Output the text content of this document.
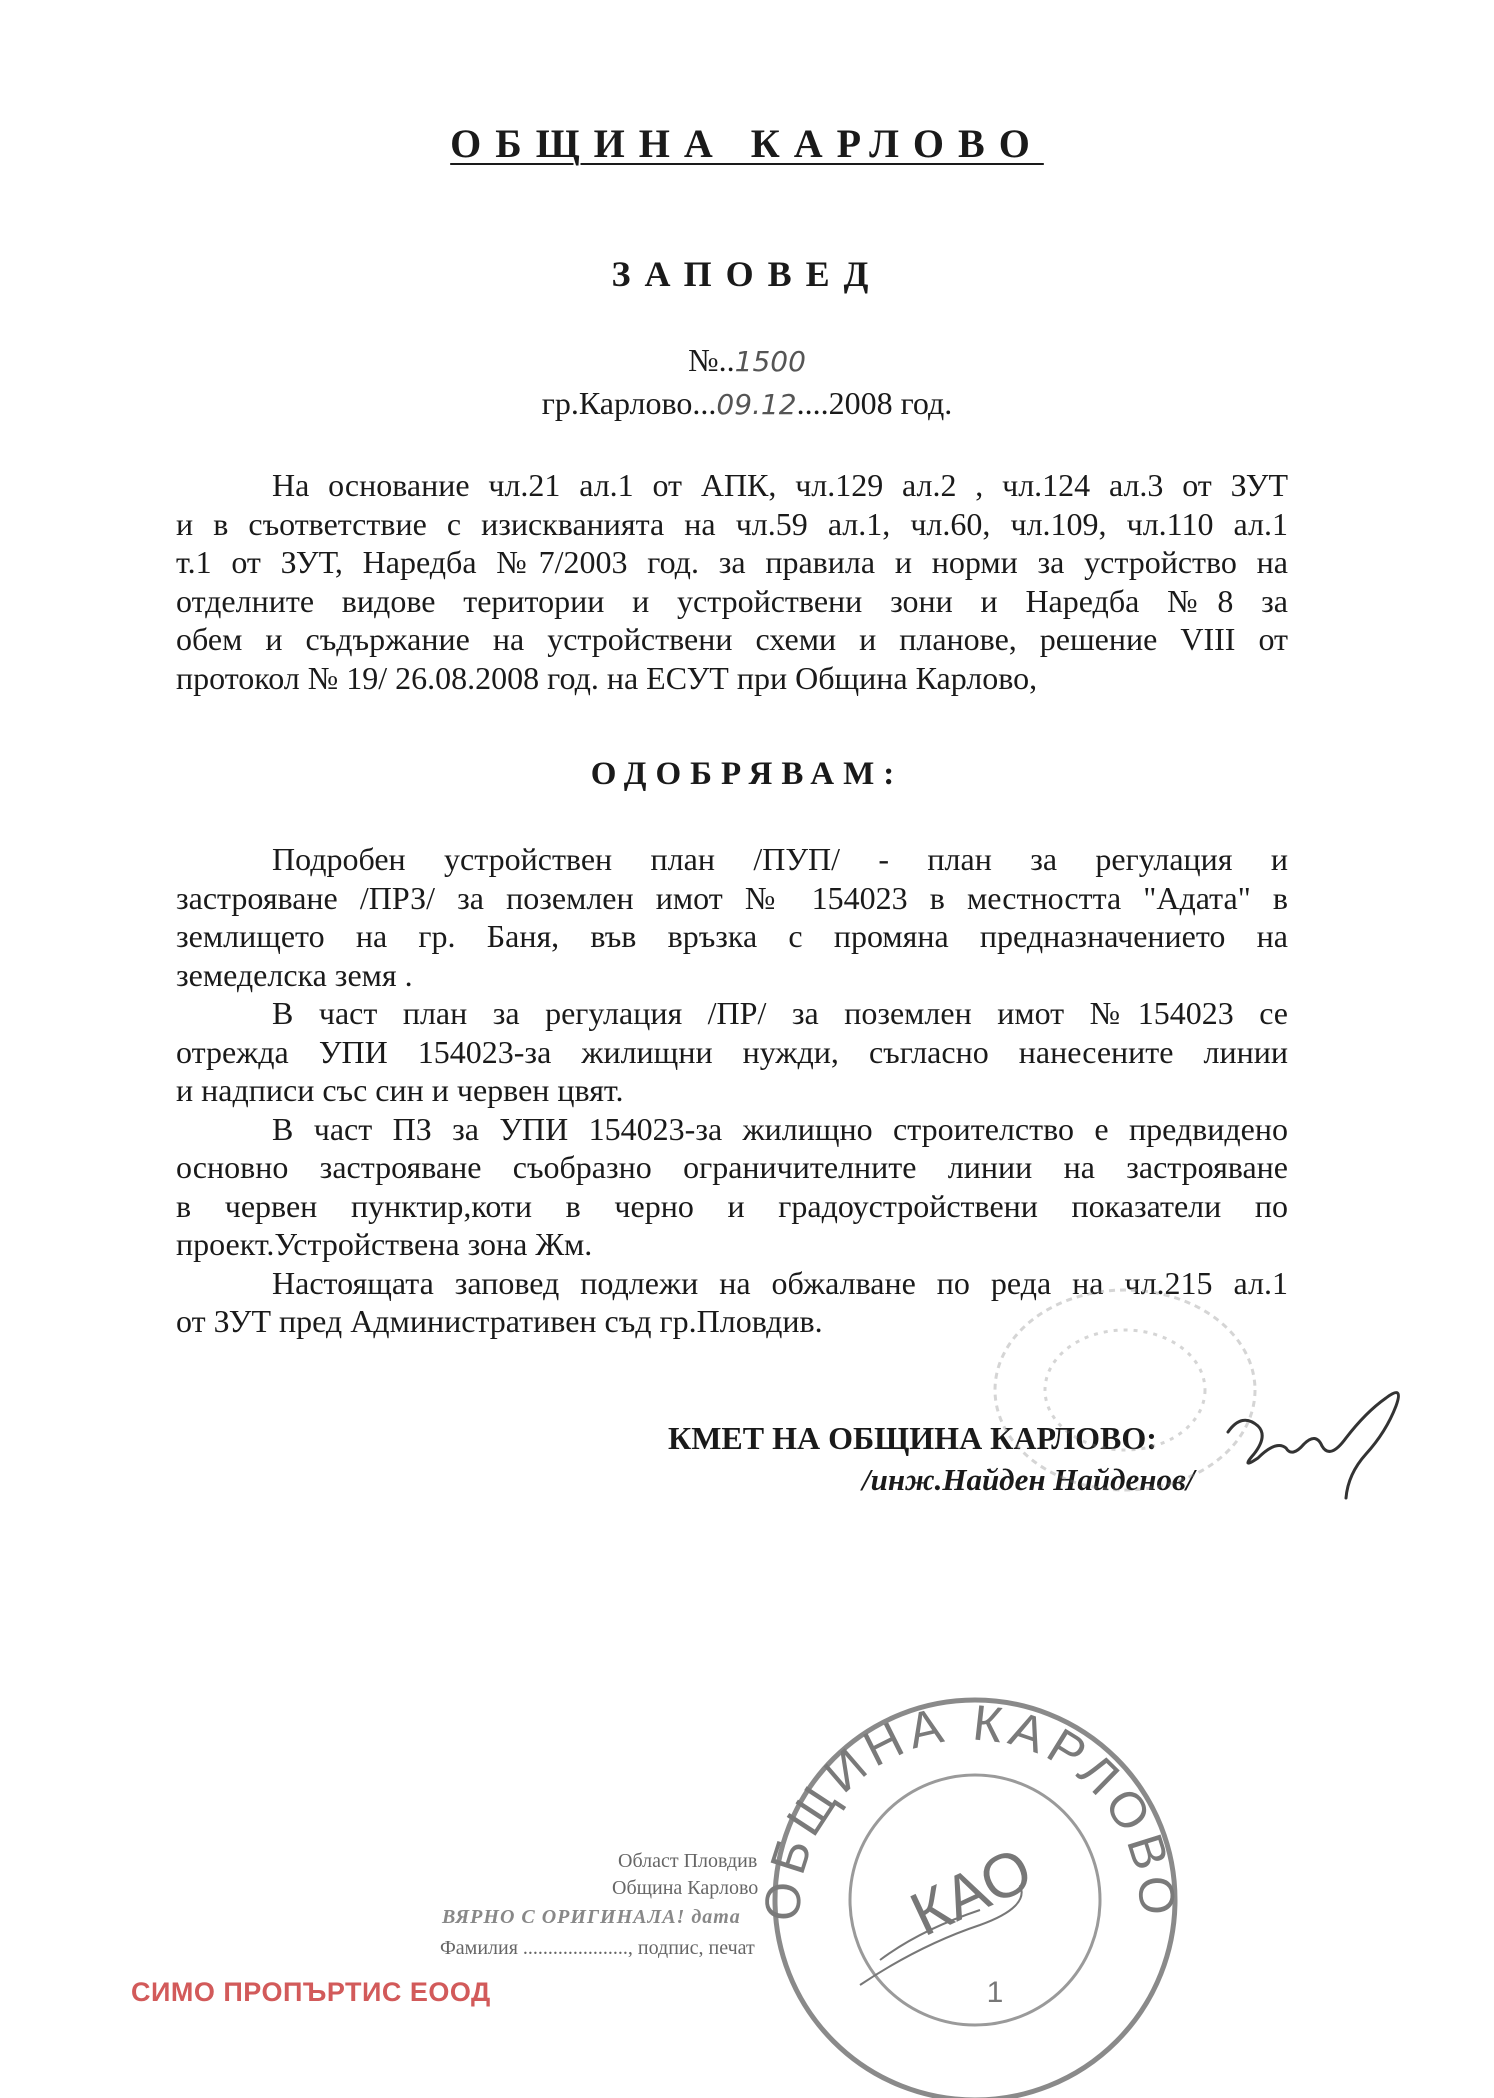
ОБЩИНА КАРЛОВО
ЗАПОВЕД
№..1500
гр.Карлово...09.12....2008 год.
На основание чл.21 ал.1 от АПК, чл.129 ал.2 , чл.124 ал.3 от ЗУТ
и в съответствие с изискванията на чл.59 ал.1, чл.60, чл.109, чл.110 ал.1
т.1 от ЗУТ, Наредба №7/2003 год. за правила и норми за устройство на
отделните видове територии и устройствени зони и Наредба №8 за
обем и съдържание на устройствени схеми и планове, решение VIII от
протокол № 19/ 26.08.2008 год. на ЕСУТ при Община Карлово,
ОДОБРЯВАМ:
Подробен устройствен план /ПУП/ - план за регулация и
застрояване /ПРЗ/ за поземлен имот № 154023 в местността "Адата" в
землището на гр. Баня, във връзка с промяна предназначението на
земеделска земя .
В част план за регулация /ПР/ за поземлен имот №154023 се
отрежда УПИ 154023-за жилищни нужди, съгласно нанесените линии
и надписи със син и червен цвят.
В част ПЗ за УПИ 154023-за жилищно строителство е предвидено
основно застрояване съобразно ограничителните линии на застрояване
в червен пунктир,коти в черно и градоустройствени показатели по
проект.Устройствена зона Жм.
Настоящата заповед подлежи на обжалване по реда на чл.215 ал.1
от ЗУТ пред Административен съд гр.Пловдив.
КМЕТ НА ОБЩИНА КАРЛОВО:
/инж.Найден Найденов/
ОБЩИНА КАРЛОВО
КАО
1
Област Пловдив
Община Карлово
ВЯРНО С ОРИГИНАЛА! дата
Фамилия ....................., подпис, печат
СИМО ПРОПЪРТИС ЕООД
